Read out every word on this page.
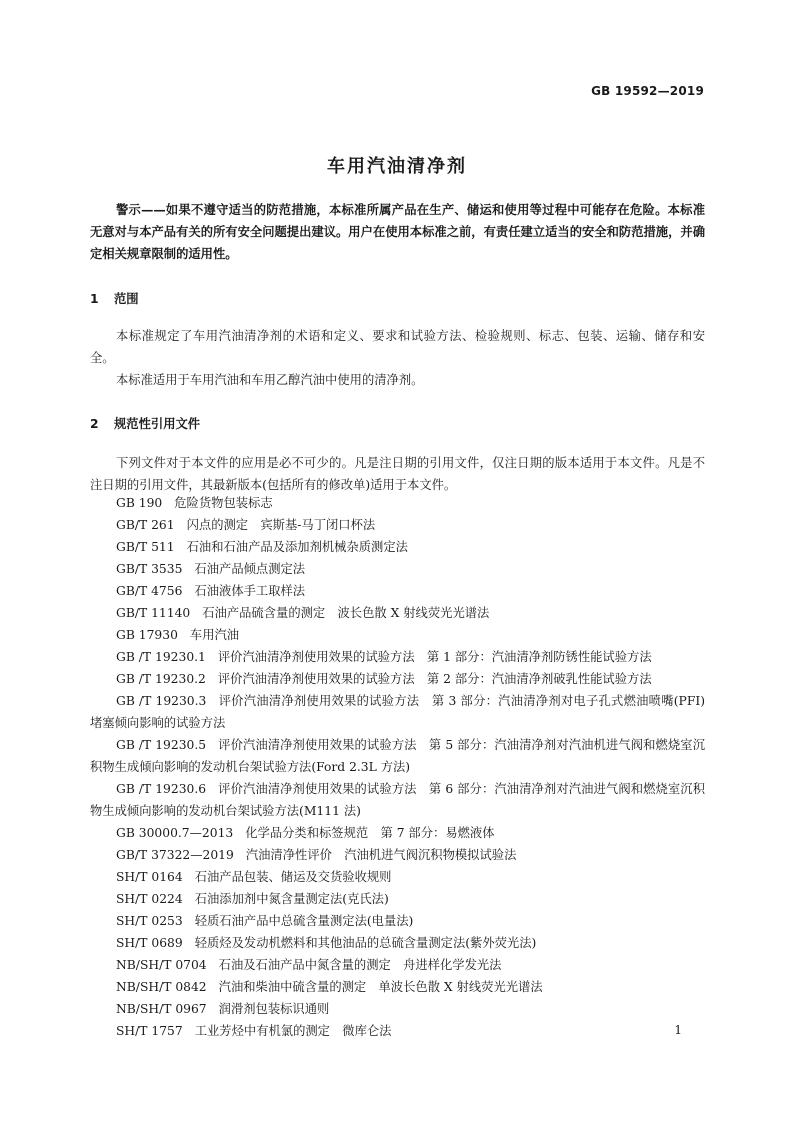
GB 19592—2019
车用汽油清净剂
警示——如果不遵守适当的防范措施，本标准所属产品在生产、储运和使用等过程中可能存在危险。本标准无意对与本产品有关的所有安全问题提出建议。用户在使用本标准之前，有责任建立适当的安全和防范措施，并确定相关规章限制的适用性。
1 范围
本标准规定了车用汽油清净剂的术语和定义、要求和试验方法、检验规则、标志、包装、运输、储存和安全。
本标准适用于车用汽油和车用乙醇汽油中使用的清净剂。
2 规范性引用文件
下列文件对于本文件的应用是必不可少的。凡是注日期的引用文件，仅注日期的版本适用于本文件。凡是不注日期的引用文件，其最新版本(包括所有的修改单)适用于本文件。
GB 190 危险货物包装标志
GB/T 261 闪点的测定　宾斯基-马丁闭口杯法
GB/T 511 石油和石油产品及添加剂机械杂质测定法
GB/T 3535 石油产品倾点测定法
GB/T 4756 石油液体手工取样法
GB/T 11140 石油产品硫含量的测定　波长色散 X 射线荧光光谱法
GB 17930 车用汽油
GB /T 19230.1 评价汽油清净剂使用效果的试验方法　第 1 部分：汽油清净剂防锈性能试验方法
GB /T 19230.2 评价汽油清净剂使用效果的试验方法　第 2 部分：汽油清净剂破乳性能试验方法
GB /T 19230.3 评价汽油清净剂使用效果的试验方法　第 3 部分：汽油清净剂对电子孔式燃油喷嘴(PFI)堵塞倾向影响的试验方法
GB /T 19230.5 评价汽油清净剂使用效果的试验方法　第 5 部分：汽油清净剂对汽油机进气阀和燃烧室沉积物生成倾向影响的发动机台架试验方法(Ford 2.3L 方法)
GB /T 19230.6 评价汽油清净剂使用效果的试验方法　第 6 部分：汽油清净剂对汽油进气阀和燃烧室沉积物生成倾向影响的发动机台架试验方法(M111 法)
GB 30000.7—2013 化学品分类和标签规范　第 7 部分：易燃液体
GB/T 37322—2019 汽油清净性评价　汽油机进气阀沉积物模拟试验法
SH/T 0164 石油产品包装、储运及交货验收规则
SH/T 0224 石油添加剂中氮含量测定法(克氏法)
SH/T 0253 轻质石油产品中总硫含量测定法(电量法)
SH/T 0689 轻质烃及发动机燃料和其他油品的总硫含量测定法(紫外荧光法)
NB/SH/T 0704 石油及石油产品中氮含量的测定　舟进样化学发光法
NB/SH/T 0842 汽油和柴油中硫含量的测定　单波长色散 X 射线荧光光谱法
NB/SH/T 0967 润滑剂包装标识通则
SH/T 1757 工业芳烃中有机氯的测定　微库仑法	1
